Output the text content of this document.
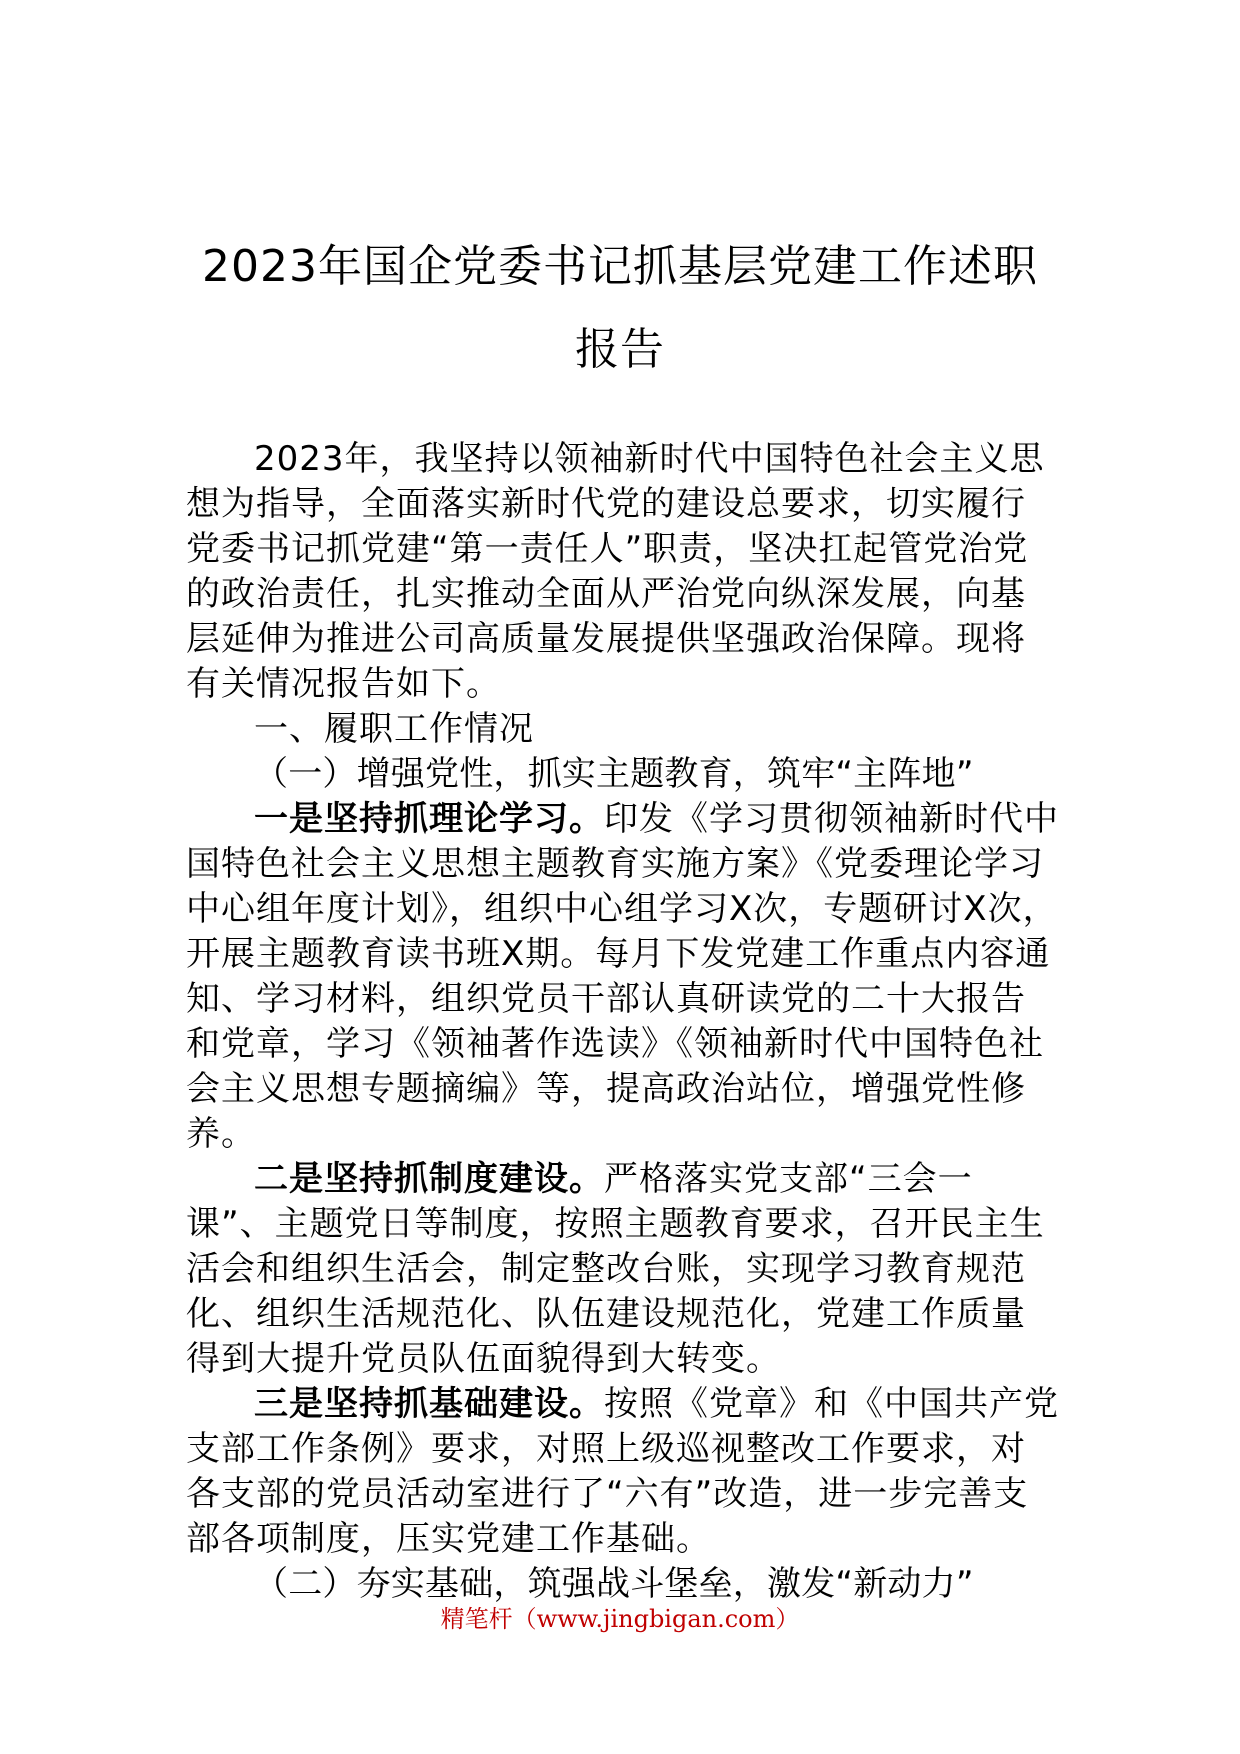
2023年国企党委书记抓基层党建工作述职
报告

2023年，我坚持以领袖新时代中国特色社会主义思想为指导，全面落实新时代党的建设总要求，切实履行党委书记抓党建“第一责任人”职责，坚决扛起管党治党的政治责任，扎实推动全面从严治党向纵深发展，向基层延伸为推进公司高质量发展提供坚强政治保障。现将有关情况报告如下。

一、履职工作情况

（一）增强党性，抓实主题教育，筑牢“主阵地”

一是坚持抓理论学习。印发《学习贯彻领袖新时代中国特色社会主义思想主题教育实施方案》《党委理论学习中心组年度计划》，组织中心组学习X次，专题研讨X次，开展主题教育读书班X期。每月下发党建工作重点内容通知、学习材料，组织党员干部认真研读党的二十大报告和党章，学习《领袖著作选读》《领袖新时代中国特色社会主义思想专题摘编》等，提高政治站位，增强党性修养。

二是坚持抓制度建设。严格落实党支部“三会一课”、主题党日等制度，按照主题教育要求，召开民主生活会和组织生活会，制定整改台账，实现学习教育规范化、组织生活规范化、队伍建设规范化，党建工作质量得到大提升党员队伍面貌得到大转变。

三是坚持抓基础建设。按照《党章》和《中国共产党支部工作条例》要求，对照上级巡视整改工作要求，对各支部的党员活动室进行了“六有”改造，进一步完善支部各项制度，压实党建工作基础。

（二）夯实基础，筑强战斗堡垒，激发“新动力”

精笔杆（www.jingbigan.com）
